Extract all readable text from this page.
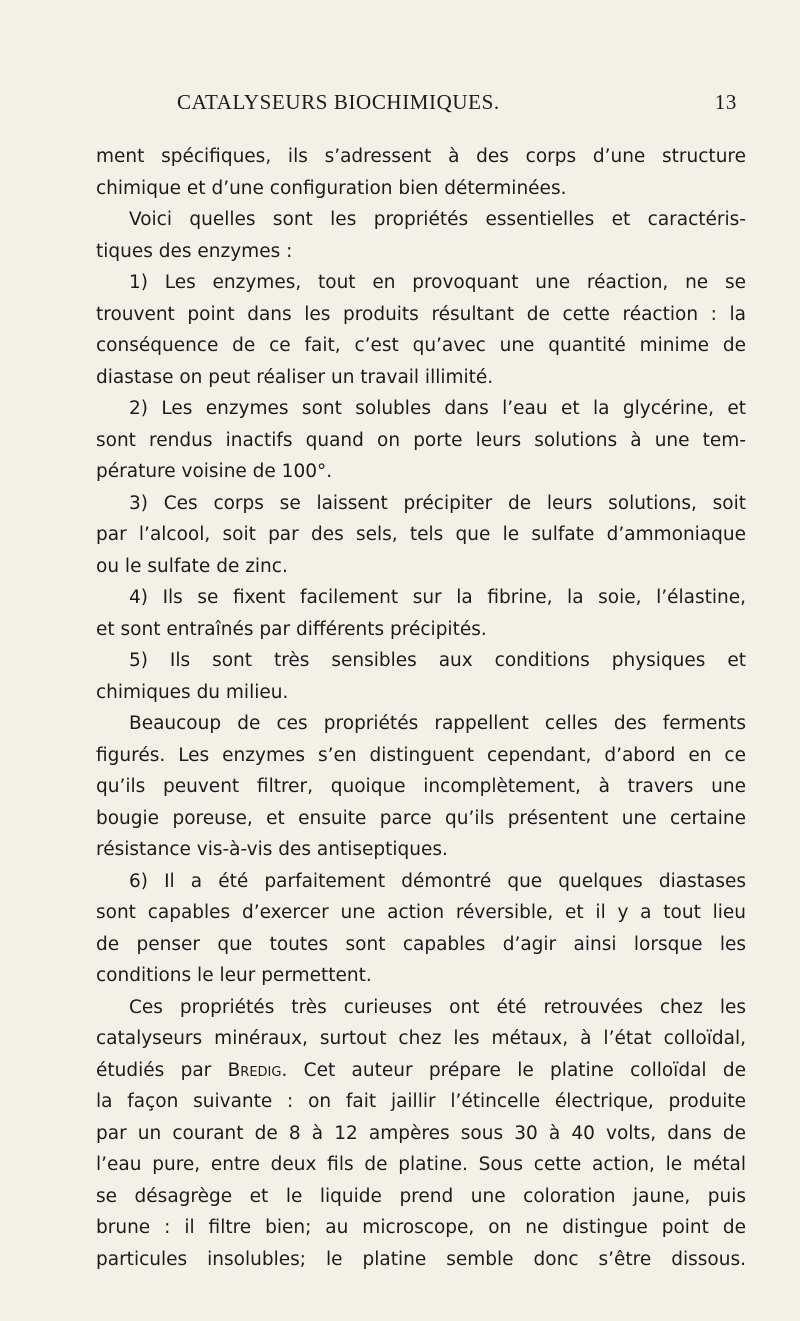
CATALYSEURS BIOCHIMIQUES.	13
ment spécifiques, ils s’adressent à des corps d’une structure
chimique et d’une configuration bien déterminées.
Voici quelles sont les propriétés essentielles et caractéris-
tiques des enzymes :
1) Les enzymes, tout en provoquant une réaction, ne se
trouvent point dans les produits résultant de cette réaction : la
conséquence de ce fait, c’est qu’avec une quantité minime de
diastase on peut réaliser un travail illimité.
2) Les enzymes sont solubles dans l’eau et la glycérine, et
sont rendus inactifs quand on porte leurs solutions à une tem-
pérature voisine de 100°.
3) Ces corps se laissent précipiter de leurs solutions, soit
par l’alcool, soit par des sels, tels que le sulfate d’ammoniaque
ou le sulfate de zinc.
4) Ils se fixent facilement sur la fibrine, la soie, l’élastine,
et sont entraînés par différents précipités.
5) Ils sont très sensibles aux conditions physiques et
chimiques du milieu.
Beaucoup de ces propriétés rappellent celles des ferments
figurés. Les enzymes s’en distinguent cependant, d’abord en ce
qu’ils peuvent filtrer, quoique incomplètement, à travers une
bougie poreuse, et ensuite parce qu’ils présentent une certaine
résistance vis-à-vis des antiseptiques.
6) Il a été parfaitement démontré que quelques diastases
sont capables d’exercer une action réversible, et il y a tout lieu
de penser que toutes sont capables d’agir ainsi lorsque les
conditions le leur permettent.
Ces propriétés très curieuses ont été retrouvées chez les
catalyseurs minéraux, surtout chez les métaux, à l’état colloïdal,
étudiés par Bredig. Cet auteur prépare le platine colloïdal de
la façon suivante : on fait jaillir l’étincelle électrique, produite
par un courant de 8 à 12 ampères sous 30 à 40 volts, dans de
l’eau pure, entre deux fils de platine. Sous cette action, le métal
se désagrège et le liquide prend une coloration jaune, puis
brune : il filtre bien; au microscope, on ne distingue point de
particules insolubles; le platine semble donc s’être dissous.
